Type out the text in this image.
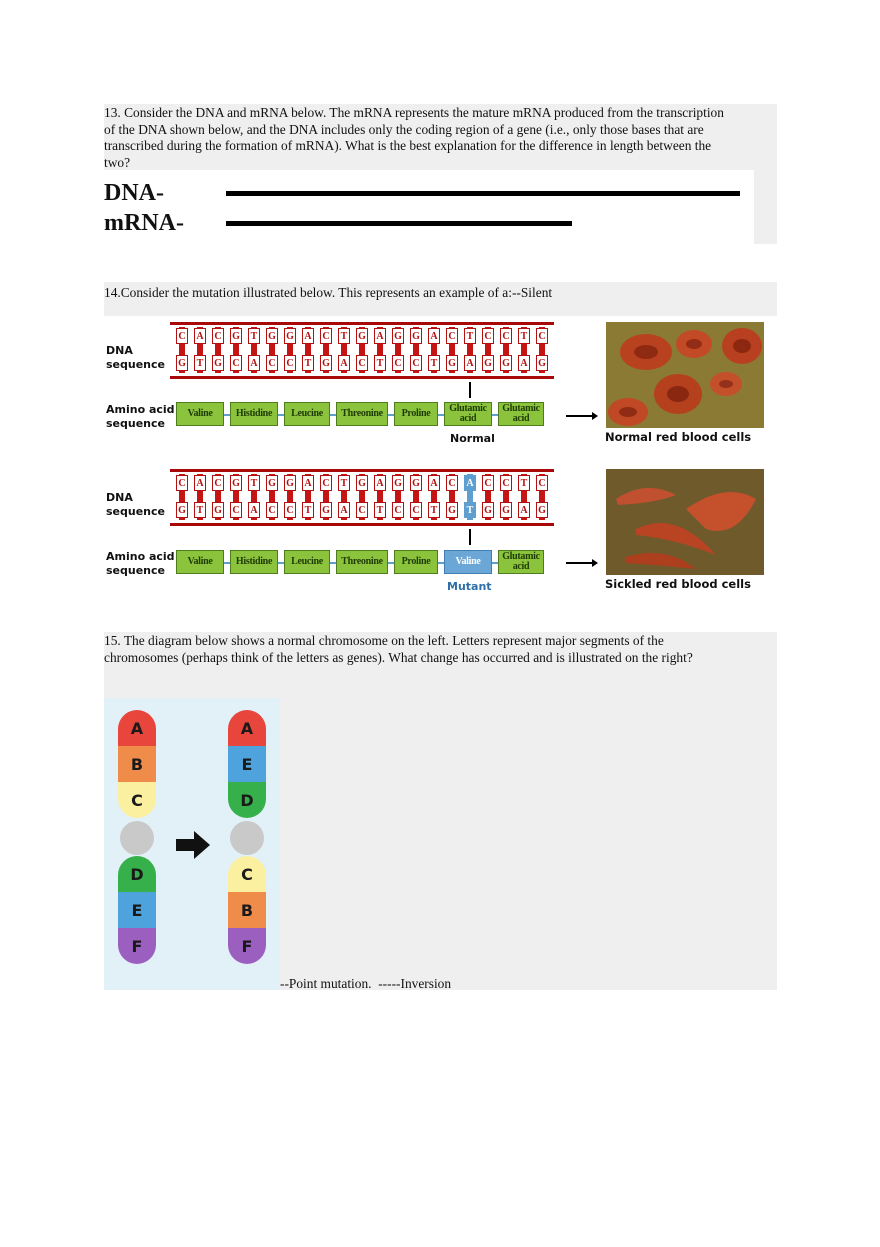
13. Consider the DNA and mRNA below. The mRNA represents the mature mRNA produced from the transcription of the DNA shown below, and the DNA includes only the coding region of a gene (i.e., only those bases that are transcribed during the formation of mRNA). What is the best explanation for the difference in length between the two?
DNA-
mRNA-
14.Consider the mutation illustrated below. This represents an example of a:--Silent
DNA
sequence
Amino acid
sequence
C
G
A
T
C
G
G
C
T
A
G
C
G
C
A
T
C
G
T
A
G
C
A
T
G
C
G
C
A
T
C
G
T
A
C
G
C
G
T
A
C
G
Valine	Histidine	Leucine	Threonine	Proline	Glutamic acid
Glutamic acid
Normal	Normal red blood cells
DNA
sequence
Amino acid
sequence
C
G
A
T
C
G
G
C
T
A
G
C
G
C
A
T
C
G
T
A
G
C
A
T
G
C
G
C
A
T
C
G
A
T
C
G
C
G
T
A
C
G
Valine	Histidine	Leucine	Threonine	Proline	Valine	Glutamic acid
Mutant	Sickled red blood cells
15. The diagram below shows a normal chromosome on the left. Letters represent major segments of the chromosomes (perhaps think of the letters as genes). What change has occurred and is illustrated on the right?
A
B
C
D
E
F
A
E
D
C
B
F
--Point mutation.  -----Inversion
